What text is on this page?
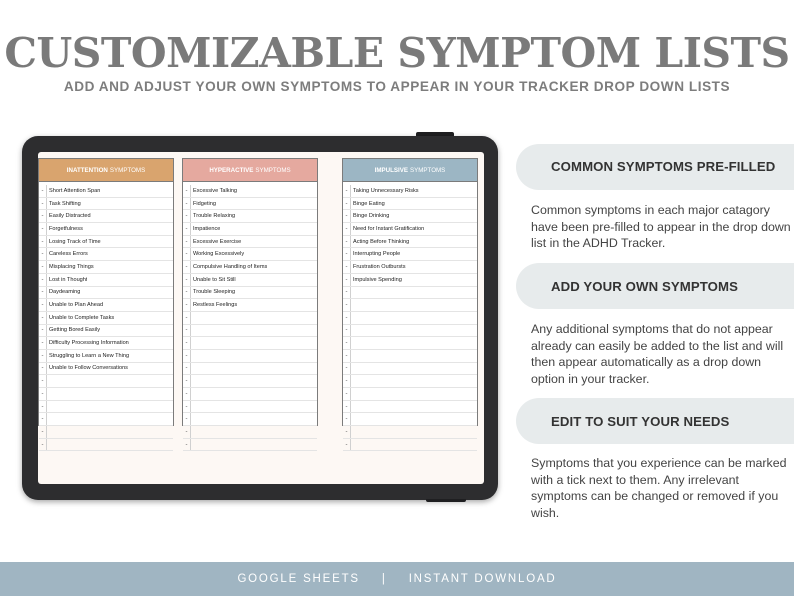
CUSTOMIZABLE SYMPTOM LISTS
ADD AND ADJUST YOUR OWN SYMPTOMS TO APPEAR IN YOUR TRACKER DROP DOWN LISTS
INATTENTION SYMPTOMS
- Short Attention Span
- Task Shifting
- Easily Distracted
- Forgetfulness
- Losing Track of Time
- Careless Errors
- Misplacing Things
- Lost in Thought
- Daydeaming
- Unable to Plan Ahead
- Unable to Complete Tasks
- Getting Bored Easily
- Difficulty Processing Information
- Struggling to Learn a New Thing
- Unable to Follow Conversations
-
-
-
-
-
-
HYPERACTIVE SYMPTOMS
- Excessive Talking
- Fidgeting
- Trouble Relaxing
- Impatience
- Excessive Exercise
- Working Excessively
- Compulsive Handling of Items
- Unable to Sit Still
- Trouble Sleeping
- Restless Feelings
-
-
-
-
-
-
-
-
-
-
-
IMPULSIVE SYMPTOMS
- Taking Unnecessary Risks
- Binge Eating
- Binge Drinking
- Need for Instant Gratification
- Acting Before Thinking
- Interrupting People
- Frustration Outbursts
- Impulsive Spending
-
-
-
-
-
-
-
-
-
-
-
-
-
COMMON SYMPTOMS PRE-FILLED
Common symptoms in each major catagory have been pre-filled to appear in the drop down list in the ADHD Tracker.
ADD YOUR OWN SYMPTOMS
Any additional symptoms that do not appear already can easily be added to the list and will then appear automatically as a drop down option in your tracker.
EDIT TO SUIT YOUR NEEDS
Symptoms that you experience can be marked with a tick next to them. Any irrelevant symptoms can be changed or removed if you wish.
GOOGLE SHEETS | INSTANT DOWNLOAD
